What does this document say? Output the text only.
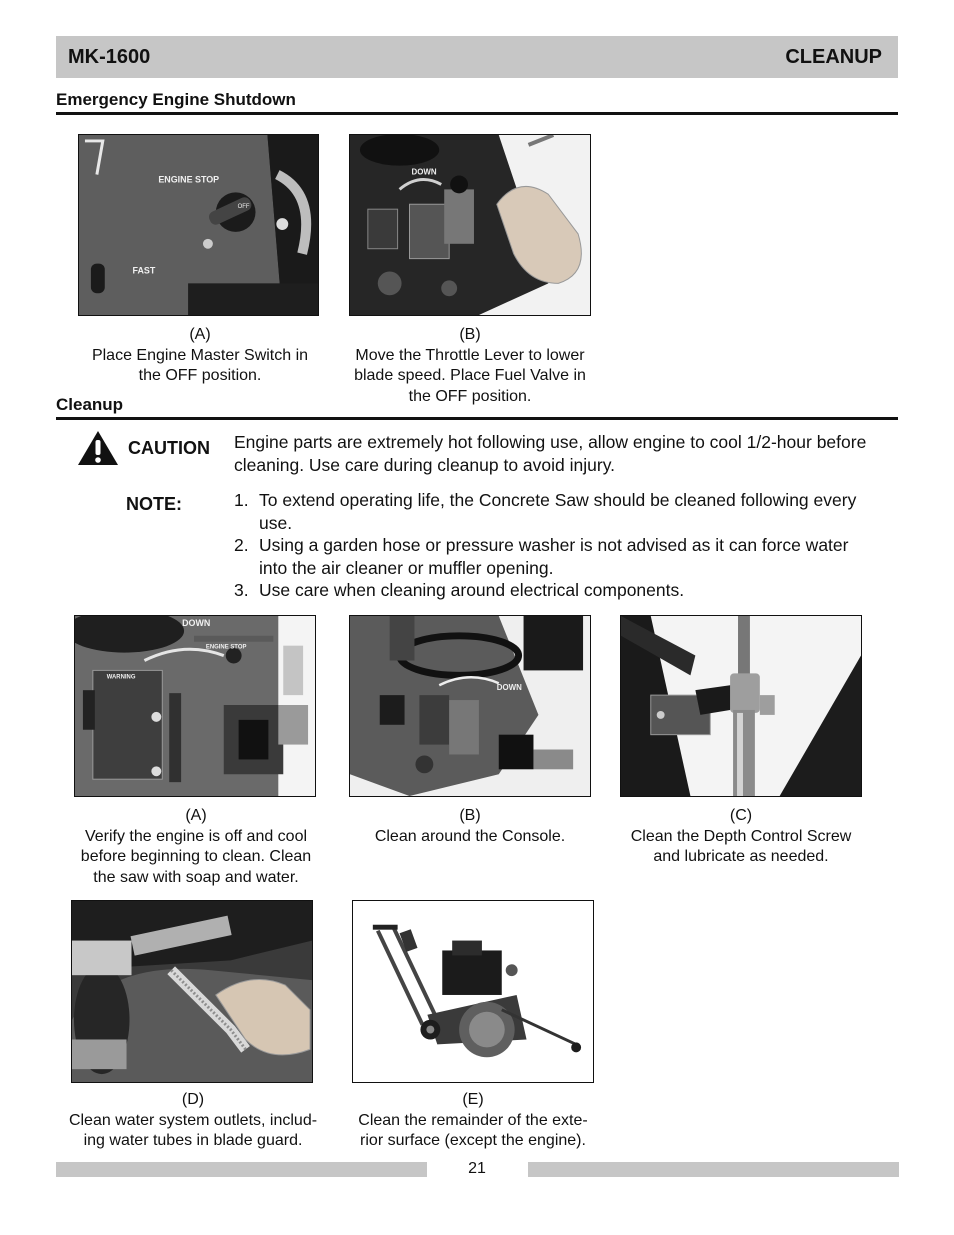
MK-1600	CLEANUP
Emergency Engine Shutdown
ENGINE STOP
FAST
OFF
(A)
Place Engine Master Switch in
the OFF position.
DOWN
(B)
Move the Throttle Lever to lower
blade speed. Place Fuel Valve in
the OFF position.
Cleanup
CAUTION Engine parts are extremely hot following use, allow engine to cool 1/2-hour before
cleaning. Use care during cleanup to avoid injury.
NOTE:	1. To extend operating life, the Concrete Saw should be cleaned following every
use.
2. Using a garden hose or pressure washer is not advised as it can force water
into the air cleaner or muffler opening.
3. Use care when cleaning around electrical components.
DOWN
ENGINE STOP
WARNING
(A)
Verify the engine is off and cool
before beginning to clean. Clean
the saw with soap and water.
DOWN
(B)
Clean around the Console.
(C)
Clean the Depth Control Screw
and lubricate as needed.
(D)
Clean water system outlets, includ-
ing water tubes in blade guard.
(E)
Clean the remainder of the exte-
rior surface (except the engine).
21
